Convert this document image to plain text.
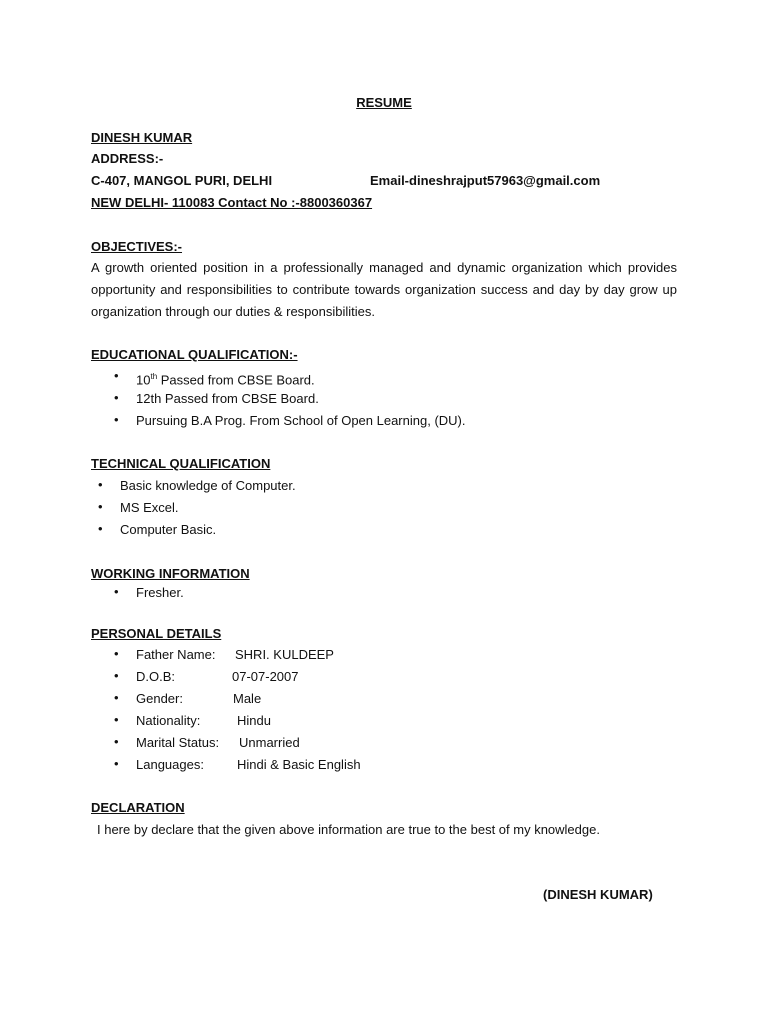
RESUME
DINESH KUMAR
ADDRESS:-
C-407, MANGOL PURI, DELHI	Email-dineshrajput57963@gmail.com
NEW DELHI- 110083 Contact No :-8800360367
OBJECTIVES:-
A growth oriented position in a professionally managed and dynamic organization which provides opportunity and responsibilities to contribute towards organization success and day by day grow up organization through our duties & responsibilities.
EDUCATIONAL QUALIFICATION:-
• 10th Passed from CBSE Board.
• 12th Passed from CBSE Board.
• Pursuing B.A Prog. From School of Open Learning, (DU).
TECHNICAL QUALIFICATION
• Basic knowledge of Computer.
• MS Excel.
• Computer Basic.
WORKING INFORMATION
• Fresher.
PERSONAL DETAILS
• Father Name: SHRI. KULDEEP
• D.O.B:	07-07-2007
• Gender:	Male
• Nationality:	Hindu
• Marital Status: Unmarried
• Languages:	Hindi & Basic English
DECLARATION
I here by declare that the given above information are true to the best of my knowledge.
(DINESH KUMAR)
